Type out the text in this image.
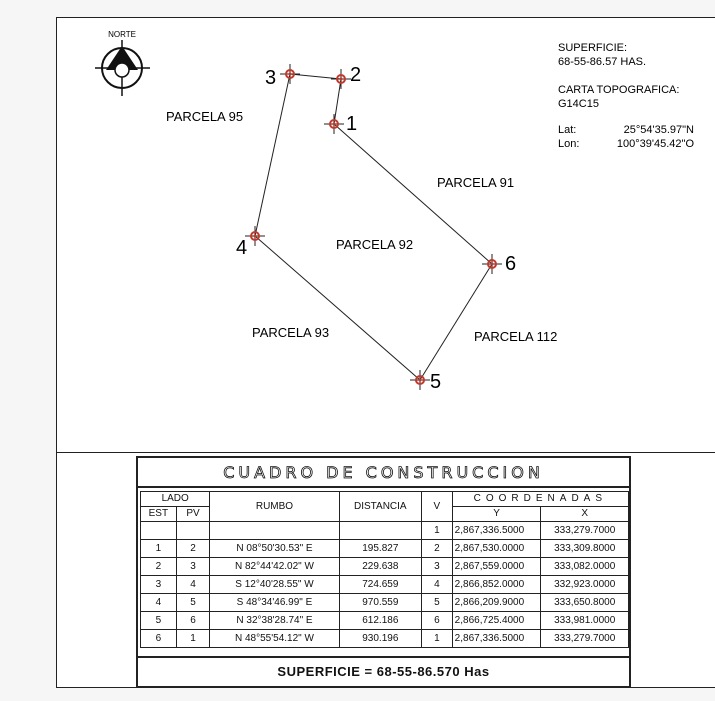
NORTE
SUPERFICIE:
68-55-86.57 HAS.
CARTA TOPOGRAFICA:
G14C15
Lat:	25°54'35.97"N
Lon:	100°39'45.42"O
1
2
3
4
5
6
PARCELA 95
PARCELA 91
PARCELA 92
PARCELA 93	PARCELA 112
CUADRO DE CONSTRUCCION
LADO		RUMBO	DISTANCIA	V	COORDENADAS	
EST	PV				Y	X
				1	2,867,336.5000	333,279.7000
1	2	N 08°50'30.53" E	195.827	2	2,867,530.0000	333,309.8000
2	3	N 82°44'42.02" W	229.638	3	2,867,559.0000	333,082.0000
3	4	S 12°40'28.55" W	724.659	4	2,866,852.0000	332,923.0000
4	5	S 48°34'46.99" E	970.559	5	2,866,209.9000	333,650.8000
5	6	N 32°38'28.74" E	612.186	6	2,866,725.4000	333,981.0000
6	1	N 48°55'54.12" W	930.196	1	2,867,336.5000	333,279.7000
SUPERFICIE = 68-55-86.570 Has
